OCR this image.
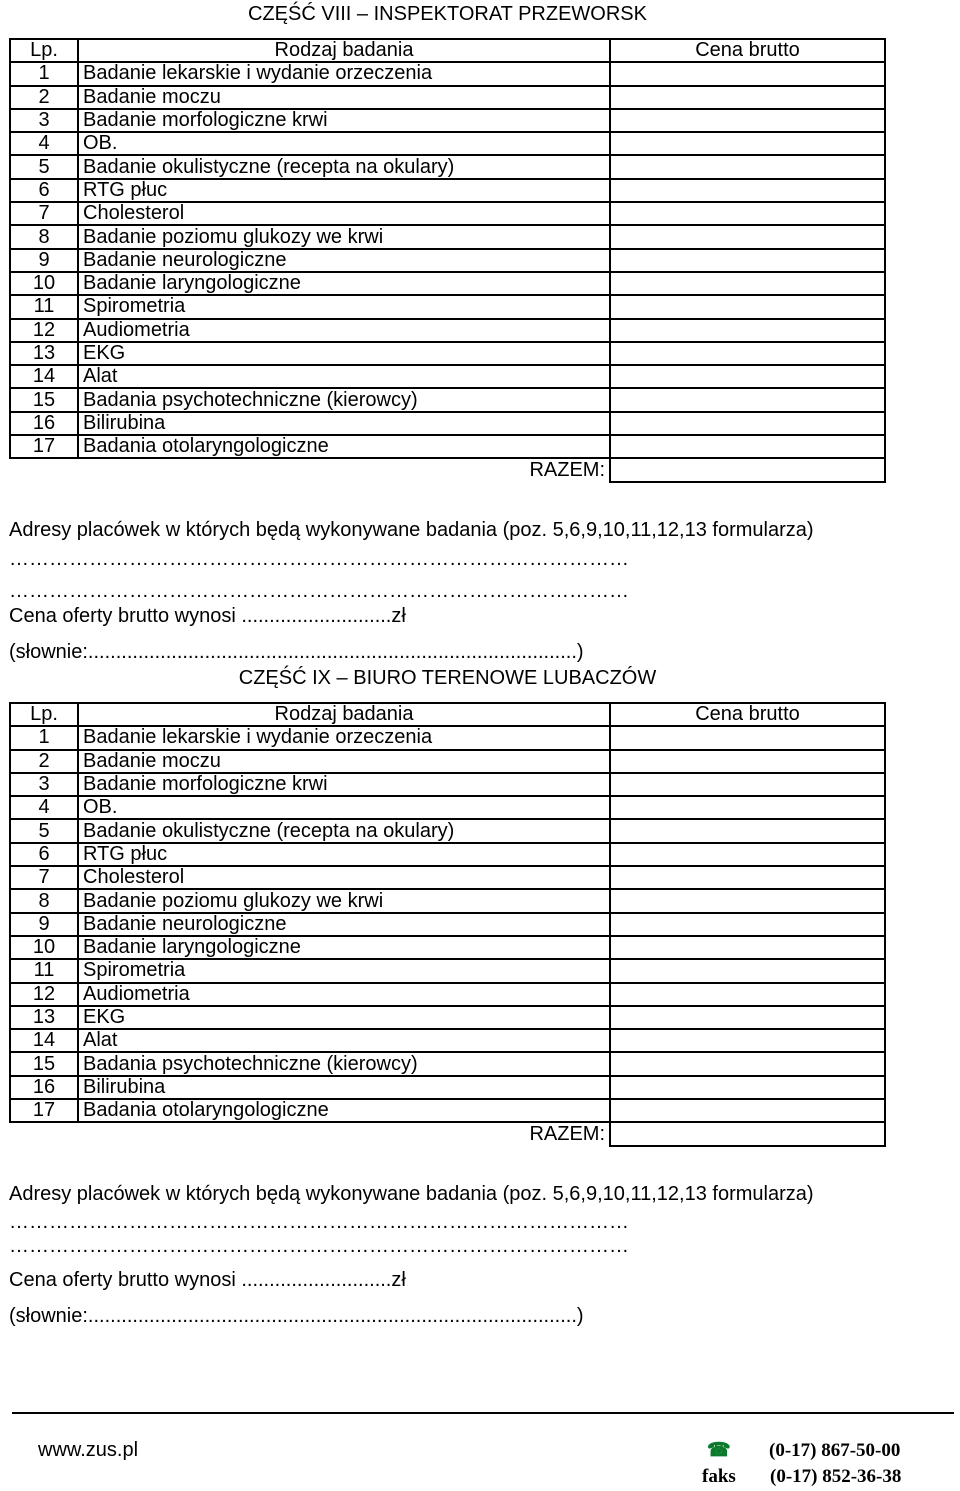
CZĘŚĆ VIII – INSPEKTORAT PRZEWORSK
Lp.	Rodzaj badania	Cena brutto
1	Badanie lekarskie i wydanie orzeczenia	
2	Badanie moczu	
3	Badanie morfologiczne krwi	
4	OB.	
5	Badanie okulistyczne (recepta na okulary)	
6	RTG płuc	
7	Cholesterol	
8	Badanie poziomu glukozy we krwi	
9	Badanie neurologiczne	
10	Badanie laryngologiczne	
11	Spirometria	
12	Audiometria	
13	EKG	
14	Alat	
15	Badania psychotechniczne (kierowcy)	
16	Bilirubina	
17	Badania otolaryngologiczne	
	RAZEM:	
Adresy placówek w których będą wykonywane badania (poz. 5,6,9,10,11,12,13 formularza)
…………………………………………………………………………………
…………………………………………………………………………………
Cena oferty brutto wynosi ...........................zł
(słownie:........................................................................................)
CZĘŚĆ IX – BIURO TERENOWE LUBACZÓW
Lp.	Rodzaj badania	Cena brutto
1	Badanie lekarskie i wydanie orzeczenia	
2	Badanie moczu	
3	Badanie morfologiczne krwi	
4	OB.	
5	Badanie okulistyczne (recepta na okulary)	
6	RTG płuc	
7	Cholesterol	
8	Badanie poziomu glukozy we krwi	
9	Badanie neurologiczne	
10	Badanie laryngologiczne	
11	Spirometria	
12	Audiometria	
13	EKG	
14	Alat	
15	Badania psychotechniczne (kierowcy)	
16	Bilirubina	
17	Badania otolaryngologiczne	
	RAZEM:	
Adresy placówek w których będą wykonywane badania (poz. 5,6,9,10,11,12,13 formularza)
…………………………………………………………………………………
…………………………………………………………………………………
Cena oferty brutto wynosi ...........................zł
(słownie:........................................................................................)
www.zus.pl	☎ (0-17) 867-50-00
faks (0-17) 852-36-38
